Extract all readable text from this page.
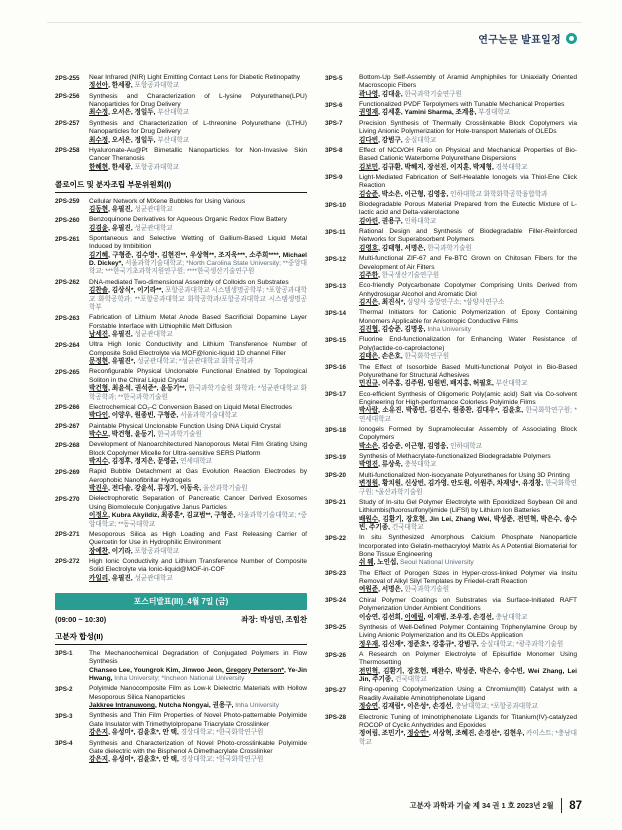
연구논문 발표일정
2PS-255	Near Infrared (NIR) Light Emitting Contact Lens for Diabetic Retinopathy
정선아, 한세광, 포항공과대학교
2PS-256	Synthesis and Characterization of L-lysine Polyurethane(LPU) Nanoparticles for Drug Delivery
최수정, 오서은, 정일두, 부산대학교
2PS-257	Synthesis and Characterization of L-threonine Polyurethane (LTHU) Nanoparticles for Drug Delivery
최수정, 오서은, 정일두, 부산대학교
2PS-258	Hyaluronate-Au@Pt Bimetallic Nanoparticles for Non-Invasive Skin Cancer Theranosis
한혜현, 한세광, 포항공과대학교
콜로이드 및 분자조립 부문위원회(I)
2PS-259	Cellular Network of MXene Bubbles for Using Various
김동현, 유필진, 성균관대학교
2PS-260	Benzoquinone Derivatives for Aqueous Organic Redox Flow Battery
김겸윤, 유필진, 성균관대학교
2PS-261	Spontaneous and Selective Wetting of Gallium-Based Liquid Metal Induced by Imbibition
김기혜, 구형준, 김수영*, 김현진**, 우상혁**, 조지욱***, 소주희****, Michael D. Dickey*, 서울과학기술대학교; *North Carolina State University; **중앙대학교; ***한국기초과학지원연구원; ****한국생산기술연구원
2PS-262	DNA-mediated Two-dimensional Assembly of Colloids on Substrates
김찬솔, 김상식*, 이기라**, 포항공과대학교 시스템생명공학부; *포항공과대학교 화학공학과; **포항공과대학교 화학공학과/포항공과대학교 시스템생명공학부
2PS-263	Fabrication of Lithium Metal Anode Based Sacrificial Dopamine Layer Forstable Interface with Lithiophilic Melt Diffusion
남세진, 유필진, 성균관대학교
2PS-264	Ultra High Ionic Conductivity and Lithium Transference Number of Composite Solid Electrolyte via MOF@Ionic-liquid 1D channel Filler
문정현, 유필진*, 성균관대학교; *성균관대학교 화학공학과
2PS-265	Reconfigurable Physical Unclonable Functional Enabled by Topological Soliton in the Chiral Liquid Crystal
박건형, 최윤석, 권석준*, 윤동기**, 한국과학기술원 화학과; *성균관대학교 화학공학과; **한국과학기술원
2PS-266	Electrochemical CO₂-C Conversion Based on Liquid Metal Electrodes
박다인, 이양우, 원종빈, 구형준, 서울과학기술대학교
2PS-267	Paintable Physical Unclonable Function Using DNA Liquid Crystal
박수모, 박건형, 윤동기, 한국과학기술원
2PS-268	Development of Nanoarchitectured Nanoporous Metal Film Grating Using Block Copolymer Micelle for Ultra-sensitive SERS Platform
박지수, 김정후, 정지은, 문영균, 연세대학교
2PS-269	Rapid Bubble Detachment at Gas Evolution Reaction Electrodes by Aerophobic Nanofibrillar Hydrogels
박진우, 전다솔, 강윤석, 류정기, 이동욱, 울산과학기술원
2PS-270	Dielectrophoretic Separation of Pancreatic Cancer Derived Exosomes Using Biomolecule Conjugative Janus Particles
이정오, Kubra Akyildiz, 최종훈*, 김교범**, 구형준, 서울과학기술대학교; *중앙대학교; **동국대학교
2PS-271	Mesoporous Silica as High Loading and Fast Releasing Carrier of Quercetin for Use in Hydrophilic Environment
장예찬, 이기라, 포항공과대학교
2PS-272	High Ionic Conductivity and Lithium Transference Number of Composite Solid Electrolyte via Ionic-liquid@MOF-in-COF
카일리, 유필진, 성균관대학교
포스터발표(III)_4월 7일 (금)
(09:00 ~ 10:30)	좌장: 박성민, 조힘찬
고분자 합성(II)
3PS-1	The Mechanochemical Degradation of Conjugated Polymers in Flow Synthesis
Chanseo Lee, Youngrok Kim, Jinwoo Jeon, Gregory Peterson*, Ye-Jin Hwang, Inha University; *Incheon National University
3PS-2	Polyimide Nanocomposite Film as Low-k Dielectric Materials with Hollow Mesoporous Silica Nanoparticles
Jakkree Intranuwong, Nutcha Nongyai, 권용구, Inha University
3PS-3	Synthesis and Thin Film Properties of Novel Photo-patternable Polyimide Gate Insulator with Trimethylolpropane Triacrylate Crosslinker
강은지, 유성미*, 김윤호*, 안 택, 경상대학교; *한국화학연구원
3PS-4	Synthesis and Characterization of Novel Photo-crosslinkable Polyimide Gate dielectric with the Bisphenol A Dimethacrylate Crosslinker
강은지, 유성미*, 김윤호*, 안 택, 경상대학교; *한국화학연구원
3PS-5	Bottom-Up Self-Assembly of Aramid Amphiphiles for Uniaxially Oriented Macroscopic Fibers
곽나영, 김대윤, 한국과학기술연구원
3PS-6	Functionalized PVDF Terpolymers with Tunable Mechanical Properties
권영재, 김세훈, Yamini Sharma, 조계용, 부경대학교
3PS-7	Precision Synthesis of Thermally Crosslinkable Block Copolymers via Living Anionic Polymerization for Hole-transport Materials of OLEDs
김다빈, 강범구, 숭실대학교
3PS-8	Effect of NCO/OH Ratio on Physical and Mechanical Properties of Bio-Based Cationic Waterborne Polyurethane Dispersions
김보민, 김규환, 박혜지, 장선진, 이지훈, 박제형, 경북대학교
3PS-9	Light-Mediated Fabrication of Self-Healable Ionogels via Thiol-Ene Click Reaction
김승준, 박소은, 이근형, 김영웅, 인하대학교 화학화학공학융합학과
3PS-10	Biodegradable Porous Material Prepared from the Eutectic Mixture of L-lactic acid and Delta-valerolactone
김아린, 권용구, 인하대학교
3PS-11	Rational Design and Synthesis of Biodegradable Filler-Reinforced Networks for Superabsorbent Polymers
김영호, 김태형, 서명은, 한국과학기술원
3PS-12	Multi-functional ZIF-67 and Fe-BTC Grown on Chitosan Fibers for the Development of Air Filters
김주한, 한국생산기술연구원
3PS-13	Eco-friendly Polycarbonate Copolymer Comprising Units Derived from Anhydrosugar Alcohol and Aromatic Diol
김지은, 최진식*, 삼양사 중앙연구소; *삼양사연구소
3PS-14	Thermal Initiators for Cationic Polymerization of Epoxy Containing Monomers Applicable for Anisotropic Conductive Films
김진협, 김승준, 김명웅, Inha University
3PS-15	Fluorine End-functionalization for Enhancing Water Resistance of Poly(lactide-co-caprolactone)
김태은, 손은호, 한국화학연구원
3PS-16	The Effect of Isosorbide Based Multi-functional Polyol in Bio-Based Polyurethane for Structural Adhesives
민진규, 이주홍, 김주원, 임원빈, 배지홍, 허필호, 부산대학교
3PS-17	Eco-efficient Synthesis of Oligomeric Poly(amic acid) Salt via Co-solvent Engineering for High-performance Colorless Polyimide Films
박사람, 소유진, 박종민, 김진수, 원종찬, 김대우*, 김윤호, 한국화학연구원; *연세대학교
3PS-18	Ionogels Formed by Supramolecular Assembly of Associating Block Copolymers
박소은, 김승준, 이근형, 김영웅, 인하대학교
3PS-19	Synthesis of Methacrylate-functionalized Biodegradable Polymers
박영진, 류상욱, 충북대학교
3PS-20	Multi-functionalized Non-isocyanate Polyurethanes for Using 3D Printing
변정원, 황치원, 신상빈, 김가영, 안도원, 이원주, 차재녕*, 유경창, 한국화학연구원; *울산과학기술원
3PS-21	Study of In-situ Gel Polymer Electrolyte with Epoxidized Soybean Oil and Lithiumbis(fluorosulfonyl)imide (LiFSI) by Lithium Ion Batteries
배원수, 김환기, 장호현, Jin Lei, Zhang Wei, 박성준, 전민혁, 박은수, 송수빈, 주기종, 건국대학교
3PS-22	In situ Synthesized Amorphous Calcium Phosphate Nanoparticle Incorporated into Gelatin-methacryloyl Matrix As A Potential Biomaterial for Bone Tissue Engineering
쉬 웨, 노인섭, Seoul National University
3PS-23	The Effect of Porogen Sizes in Hyper-cross-linked Polymer via Insitu Removal of Alkyl Silyl Templates by Friedel-craft Reaction
여원준, 서명은, 한국과학기술원
3PS-24	Chiral Polymer Coatings on Substrates via Surface-Initiated RAFT Polymerization Under Ambient Conditions
이승연, 김선희, 이예림, 이재범, 조우경, 손경선, 충남대학교
3PS-25	Synthesis of Well-Defined Polymer Containing Triphenylamine Group by Living Anionic Polymerization and Its OLEDs Application
정우재, 김신재*, 정준호*, 강홍규*, 강범구, 숭실대학교; *광주과학기술원
3PS-26	A Research on Polymer Electrolyte of Episulfide Monomer Using Thermosetting
전민혁, 김환기, 장호현, 배완수, 박성준, 박은수, 송수빈, Wei Zhang, Lei Jin, 주기종, 건국대학교
3PS-27	Ring-opening Copolymerization Using a Chromium(III) Catalyst with a Readily Available Aminotriphenolate Ligand
정승연, 김재림*, 이은성*, 손경선, 충남대학교; *포항공과대학교
3PS-28	Electronic Tuning of Iminotriphenolate Ligands for Titanium(IV)-catalyzed ROCOP of Cyclic Anhydrides and Epoxides
정여림, 조민기*, 정승연*, 서상혁, 조혜진, 손경선*, 김현우, 카이스트; *충남대학교
고분자 과학과 기술 제 34 권 1 호 2023년 2월 87
